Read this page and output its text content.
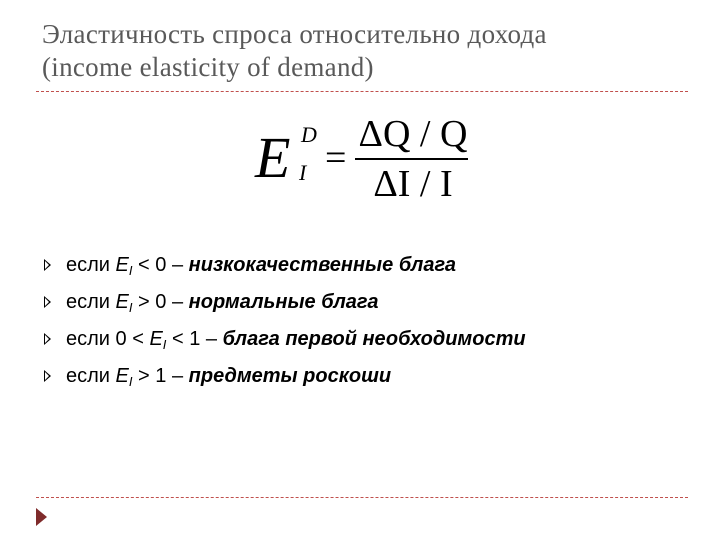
Эластичность спроса относительно дохода
(income elasticity of demand)
E D
I =
ΔQ / Q
ΔI / I
если $E_I < 0$ – низкокачественные блага
если $E_I > 0$ – нормальные блага
если $0 < E_I < 1$ – блага первой необходимости
если $E_I > 1$ – предметы роскоши
